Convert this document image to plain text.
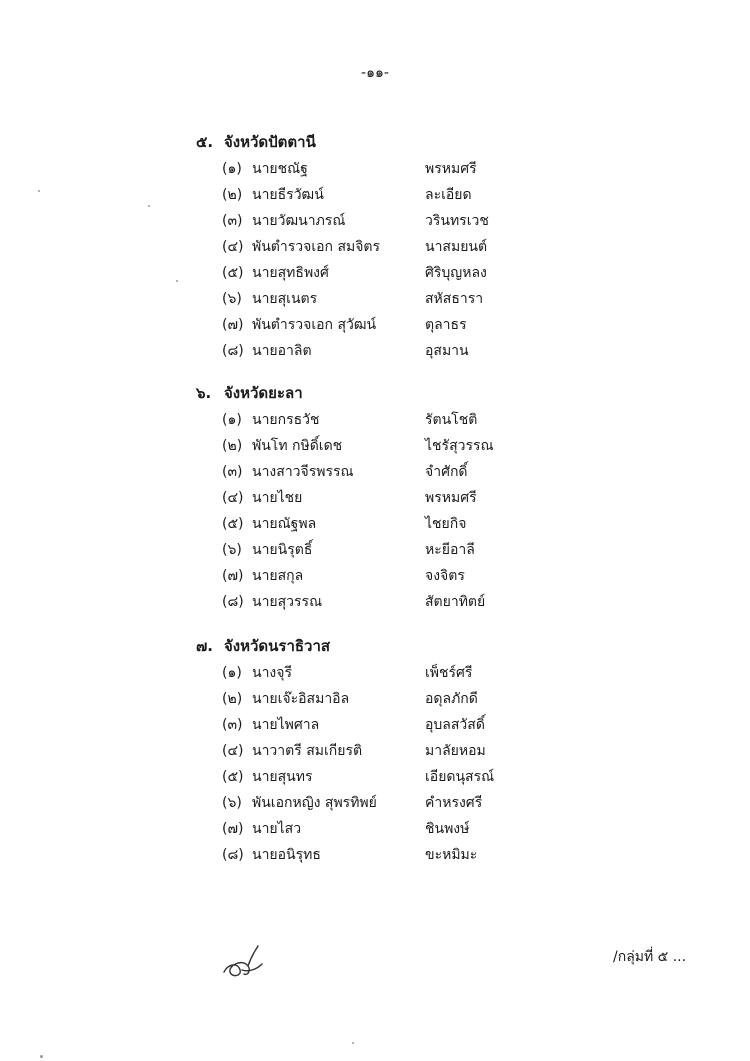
-๑๑-
๕. จังหวัดปัตตานี
(๑) นายชณัฐ	พรหมศรี
(๒) นายธีรวัฒน์	ละเอียด
(๓) นายวัฒนาภรณ์	วรินทรเวช
(๔) พันตำรวจเอก สมจิตร	นาสมยนต์
(๕) นายสุทธิพงศ์	ศิริบุญหลง
(๖) นายสุเนตร	สหัสธารา
(๗) พันตำรวจเอก สุวัฒน์	ตุลาธร
(๘) นายอาลิต	อุสมาน
๖. จังหวัดยะลา
(๑) นายกรธวัช	รัตนโชติ
(๒) พันโท กษิดิ์เดช	ไชรัสุวรรณ
(๓) นางสาวจีรพรรณ	จำศักดิ์
(๔) นายไชย	พรหมศรี
(๕) นายณัฐพล	ไชยกิจ
(๖) นายนิรุตธิ์	หะยีอาลี
(๗) นายสกุล	จงจิตร
(๘) นายสุวรรณ	สัตยาทิตย์
๗. จังหวัดนราธิวาส
(๑) นางจุรี	เพ็ชร์ศรี
(๒) นายเจ๊ะอิสมาอิล	อดุลภักดี
(๓) นายไพศาล	อุบลสวัสดิ์
(๔) นาวาตรี สมเกียรติ	มาลัยหอม
(๕) นายสุนทร	เอียดนุสรณ์
(๖) พันเอกหญิง สุพรทิพย์	คำหรงศรี
(๗) นายไสว	ชินพงษ์
(๘) นายอนิรุทธ	ขะหมิมะ
/กลุ่มที่ ๕ ...
